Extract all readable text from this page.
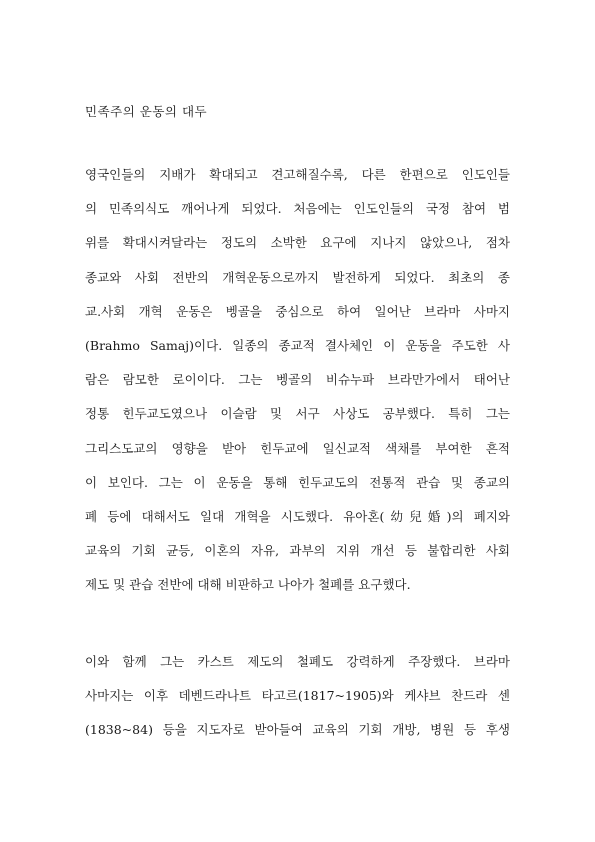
민족주의 운동의 대두
영국인들의 지배가 확대되고 견고해질수록, 다른 한편으로 인도인들
의 민족의식도 깨어나게 되었다. 처음에는 인도인들의 국정 참여 범
위를 확대시켜달라는 정도의 소박한 요구에 지나지 않았으나, 점차
종교와 사회 전반의 개혁운동으로까지 발전하게 되었다. 최초의 종
교.사회 개혁 운동은 벵골을 중심으로 하여 일어난 브라마 사마지
(Brahmo Samaj)이다. 일종의 종교적 결사체인 이 운동을 주도한 사
람은 람모한 로이이다. 그는 벵골의 비슈누파 브라만가에서 태어난
정통 힌두교도였으나 이슬람 및 서구 사상도 공부했다. 특히 그는
그리스도교의 영향을 받아 힌두교에 일신교적 색채를 부여한 흔적
이 보인다. 그는 이 운동을 통해 힌두교도의 전통적 관습 및 종교의
폐 등에 대해서도 일대 개혁을 시도했다. 유아혼(幼兒婚)의 폐지와
교육의 기회 균등, 이혼의 자유, 과부의 지위 개선 등 불합리한 사회
제도 및 관습 전반에 대해 비판하고 나아가 철폐를 요구했다.
이와 함께 그는 카스트 제도의 철폐도 강력하게 주장했다. 브라마
사마지는 이후 데벤드라나트 타고르(1817~1905)와 케샤브 찬드라 센
(1838~84) 등을 지도자로 받아들여 교육의 기회 개방, 병원 등 후생
